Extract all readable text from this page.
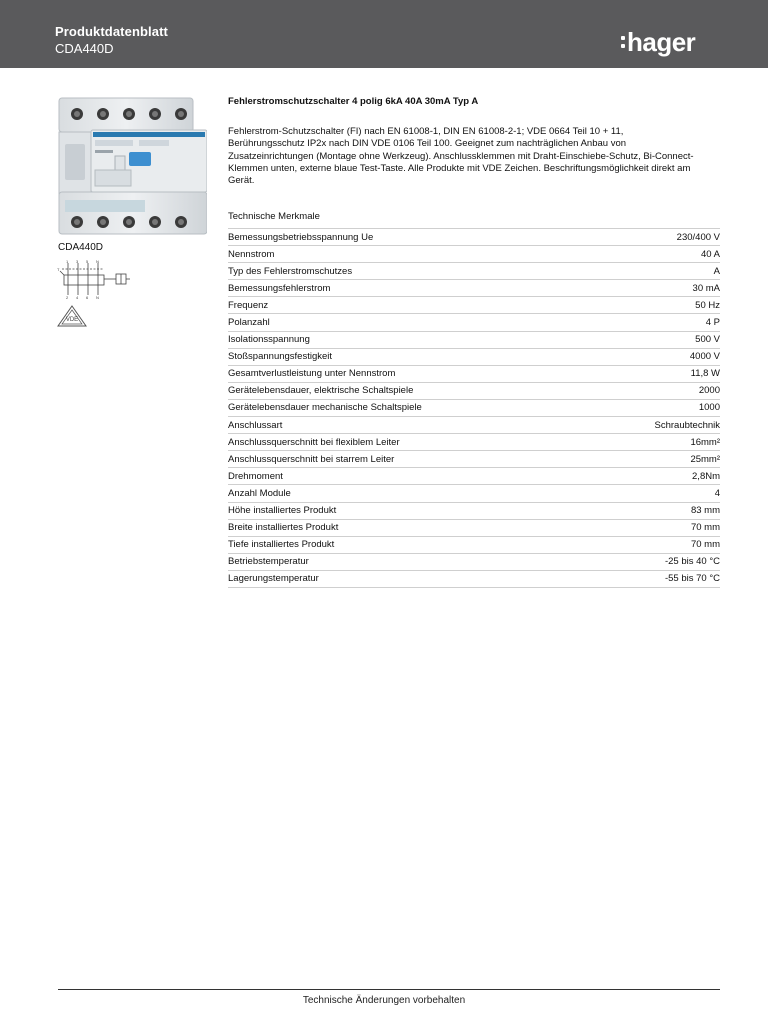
Produktdatenblatt
CDA440D	hager
CDA440D
1 3 5 N
2 4 6 N
T
VDE

Fehlerstromschutzschalter 4 polig 6kA 40A 30mA Typ A

Fehlerstrom-Schutzschalter (FI) nach EN 61008-1, DIN EN 61008-2-1; VDE 0664 Teil 10 + 11, Berührungsschutz IP2x nach DIN VDE 0106 Teil 100. Geeignet zum nachträglichen Anbau von Zusatzeinrichtungen (Montage ohne Werkzeug). Anschlussklemmen mit Draht-Einschiebe-Schutz, Bi-Connect-Klemmen unten, externe blaue Test-Taste. Alle Produkte mit VDE Zeichen. Beschriftungsmöglichkeit direkt am Gerät.
Technische Merkmale
Bemessungsbetriebsspannung Ue	230/400 V
Nennstrom	40 A
Typ des Fehlerstromschutzes	A
Bemessungsfehlerstrom	30 mA
Frequenz	50 Hz
Polanzahl	4 P
Isolationsspannung	500 V
Stoßspannungsfestigkeit	4000 V
Gesamtverlustleistung unter Nennstrom	11,8 W
Gerätelebensdauer, elektrische Schaltspiele	2000
Gerätelebensdauer mechanische Schaltspiele	1000
Anschlussart	Schraubtechnik
Anschlussquerschnitt bei flexiblem Leiter	16mm²
Anschlussquerschnitt bei starrem Leiter	25mm²
Drehmoment	2,8Nm
Anzahl Module	4
Höhe installiertes Produkt	83 mm
Breite installiertes Produkt	70 mm
Tiefe installiertes Produkt	70 mm
Betriebstemperatur	-25 bis 40 °C
Lagerungstemperatur	-55 bis 70 °C
Technische Änderungen vorbehalten
